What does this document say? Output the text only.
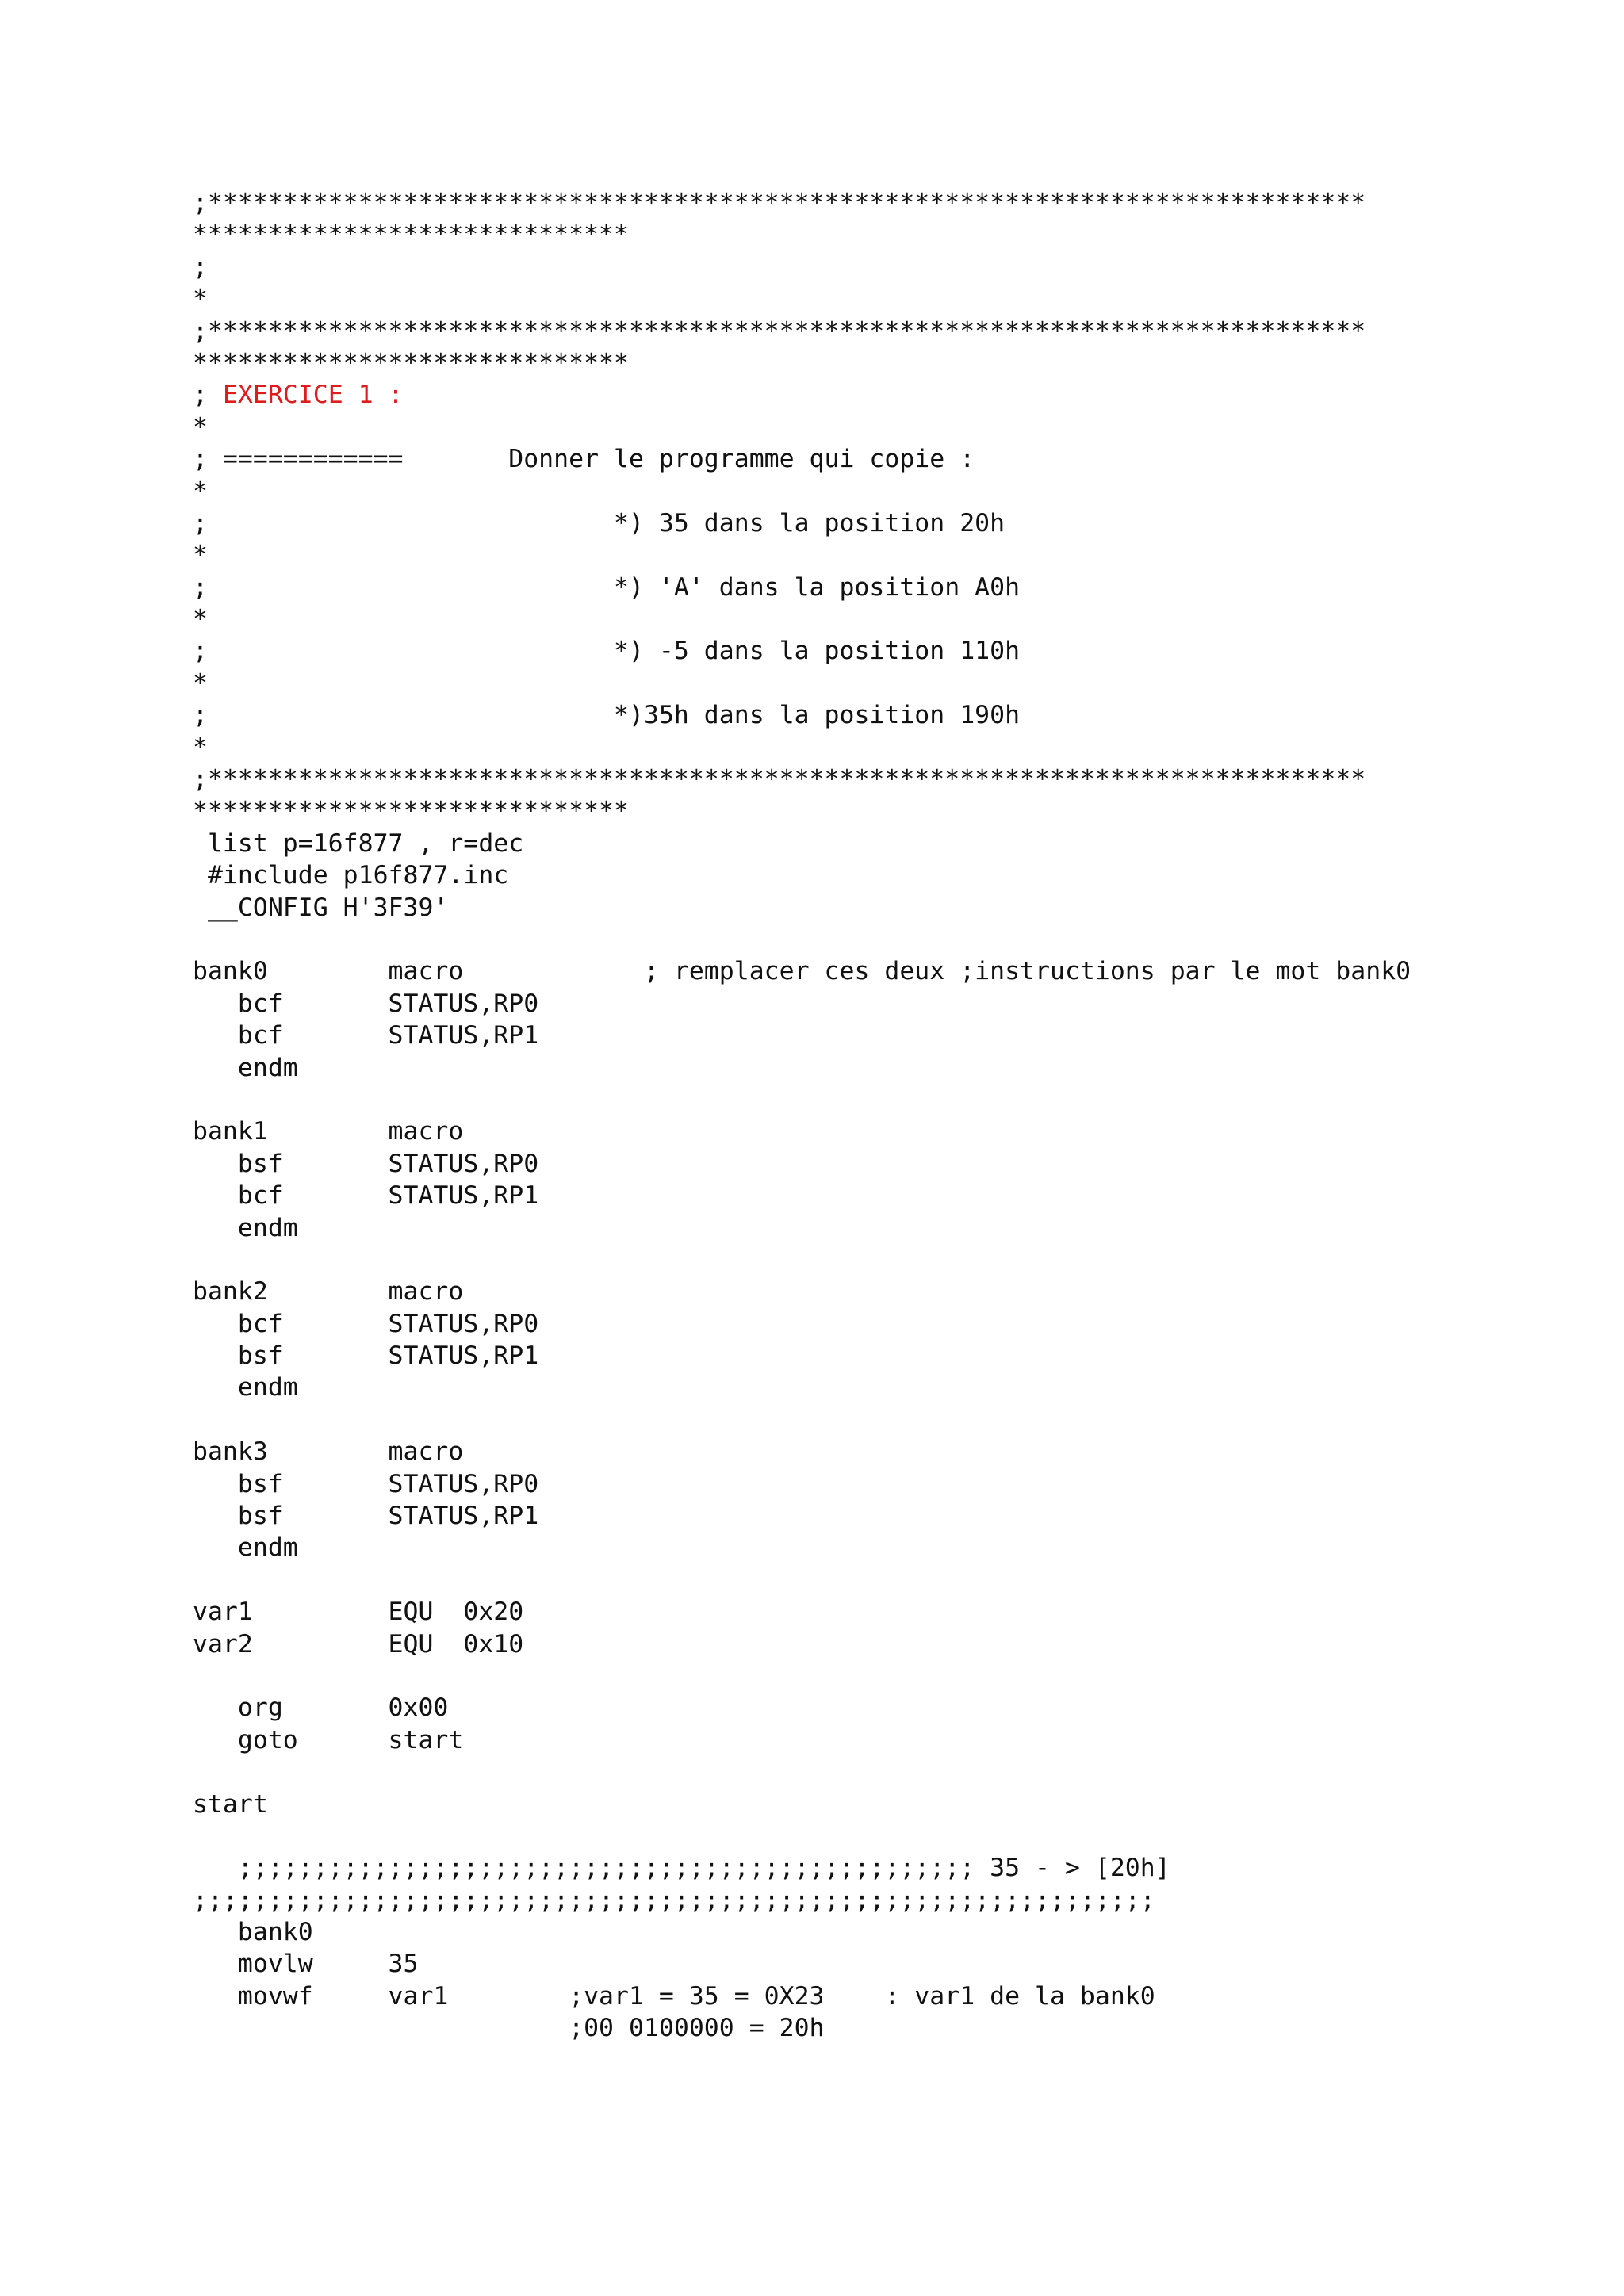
;*****************************************************************************
*****************************
;
*
;*****************************************************************************
*****************************
; EXERCICE 1 :
*
; ============       Donner le programme qui copie :
*
;                           *) 35 dans la position 20h
*
;                           *) 'A' dans la position A0h
*
;                           *) -5 dans la position 110h
*
;                           *)35h dans la position 190h
*
;*****************************************************************************
*****************************
list p=16f877 , r=dec
#include p16f877.inc
__CONFIG H'3F39'
bank0        macro            ; remplacer ces deux ;instructions par le mot bank0
bcf       STATUS,RP0
bcf       STATUS,RP1
endm
bank1        macro
bsf       STATUS,RP0
bcf       STATUS,RP1
endm
bank2        macro
bcf       STATUS,RP0
bsf       STATUS,RP1
endm
bank3        macro
bsf       STATUS,RP0
bsf       STATUS,RP1
endm
var1         EQU  0x20
var2         EQU  0x10
org       0x00
goto      start
start
;;;;;;;;;;;;;;;;;;;;;;;;;;;;;;;;;;;;;;;;;;;;;;;;; 35 - > [20h]
;;;;;;;;;;;;;;;;;;;;;;;;;;;;;;;;;;;;;;;;;;;;;;;;;;;;;;;;;;;;;;;;
bank0
movlw     35
movwf     var1        ;var1 = 35 = 0X23    : var1 de la bank0
;00 0100000 = 20h
